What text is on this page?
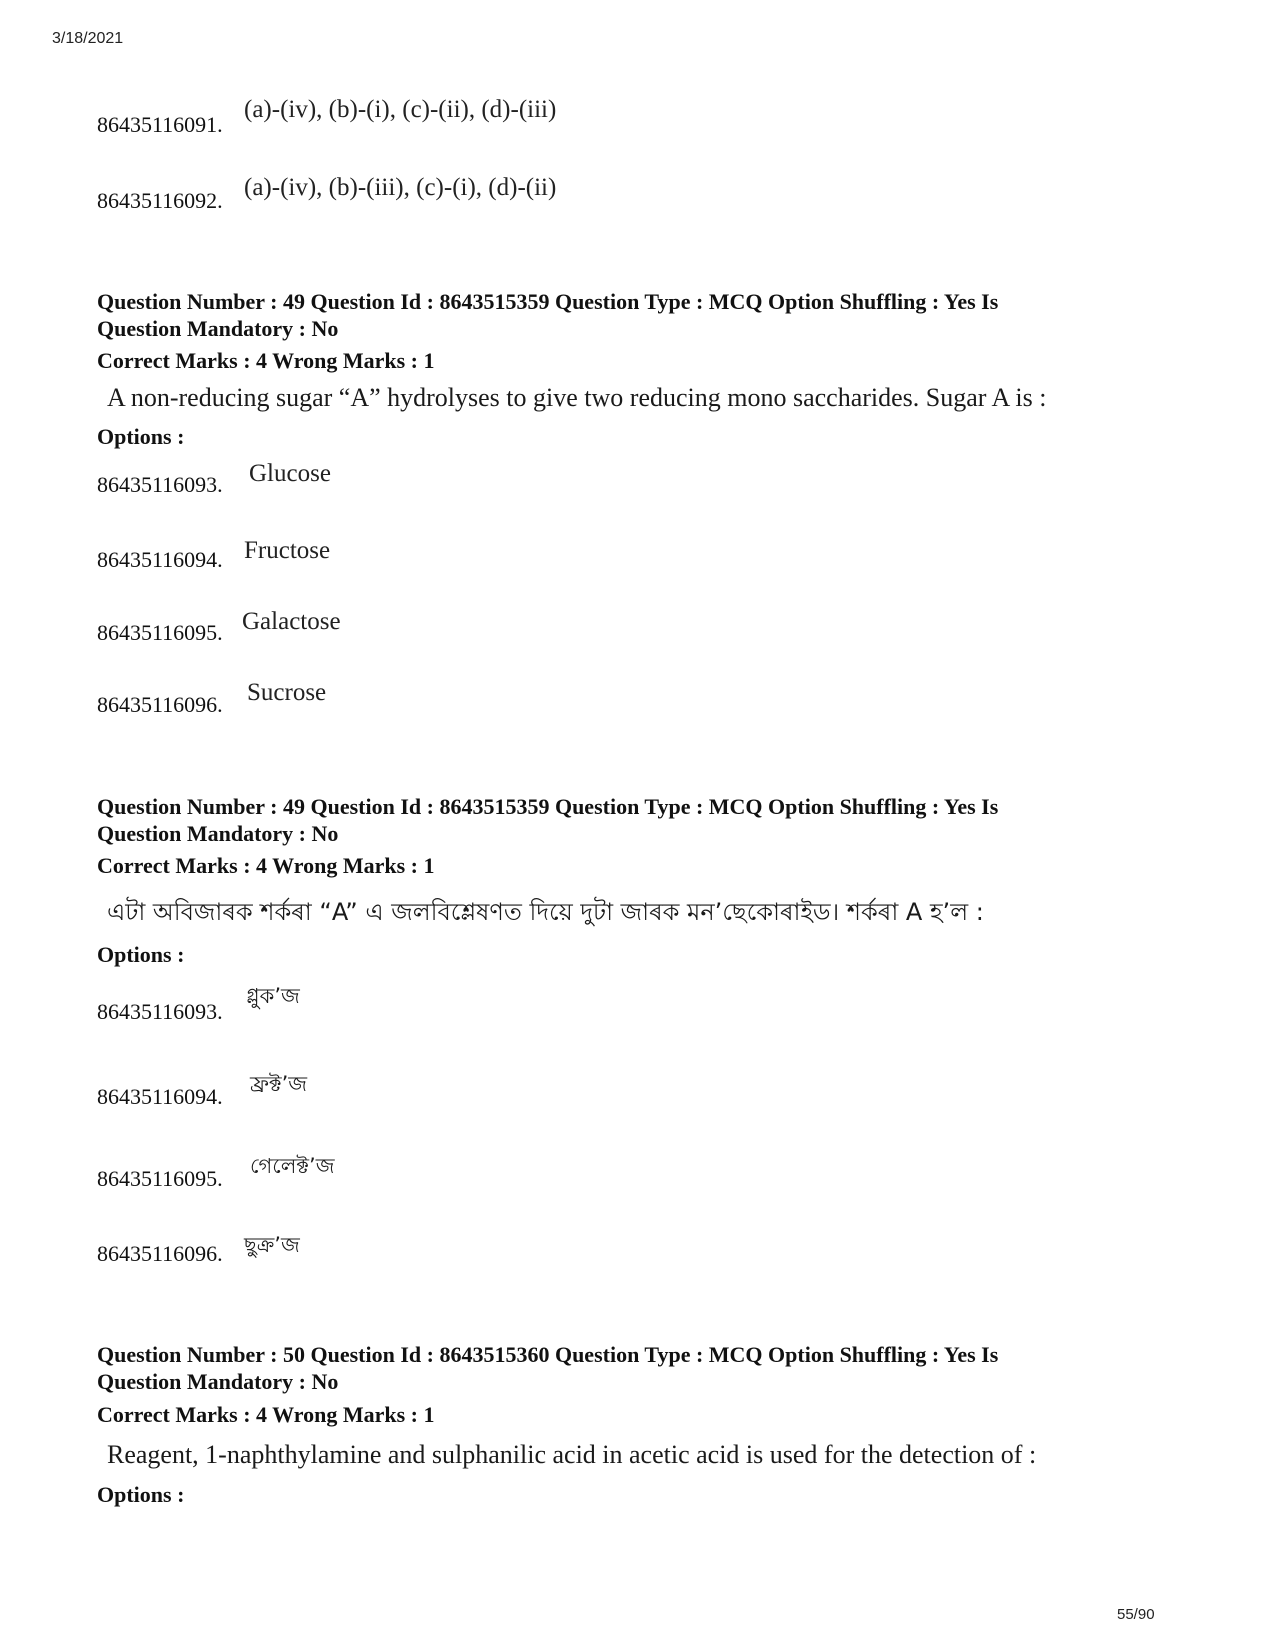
3/18/2021
86435116091.
(a)-(iv), (b)-(i), (c)-(ii), (d)-(iii)
86435116092. (a)-(iv), (b)-(iii), (c)-(i), (d)-(ii)
Question Number : 49 Question Id : 8643515359 Question Type : MCQ Option Shuffling : Yes Is
Question Mandatory : No
Correct Marks : 4 Wrong Marks : 1
A non-reducing sugar “A” hydrolyses to give two reducing mono saccharides. Sugar A is :
Options :
86435116093. Glucose
86435116094. Fructose
86435116095. Galactose
86435116096. Sucrose
Question Number : 49 Question Id : 8643515359 Question Type : MCQ Option Shuffling : Yes Is
Question Mandatory : No
Correct Marks : 4 Wrong Marks : 1
এটা অবিজাৰক শৰ্কৰা “A” এ জলবিশ্লেষণত দিয়ে দুটা জাৰক মন’ছেকোৰাইড। শৰ্কৰা A হ’ল :
Options :
86435116093.
গ্লুক’জ
86435116094. ফ্ৰক্ট’জ
86435116095. গেলেক্ট’জ
86435116096. ছুক্ৰ’জ
Question Number : 50 Question Id : 8643515360 Question Type : MCQ Option Shuffling : Yes Is
Question Mandatory : No
Correct Marks : 4 Wrong Marks : 1
Reagent, 1-naphthylamine and sulphanilic acid in acetic acid is used for the detection of :
Options :
55/90
